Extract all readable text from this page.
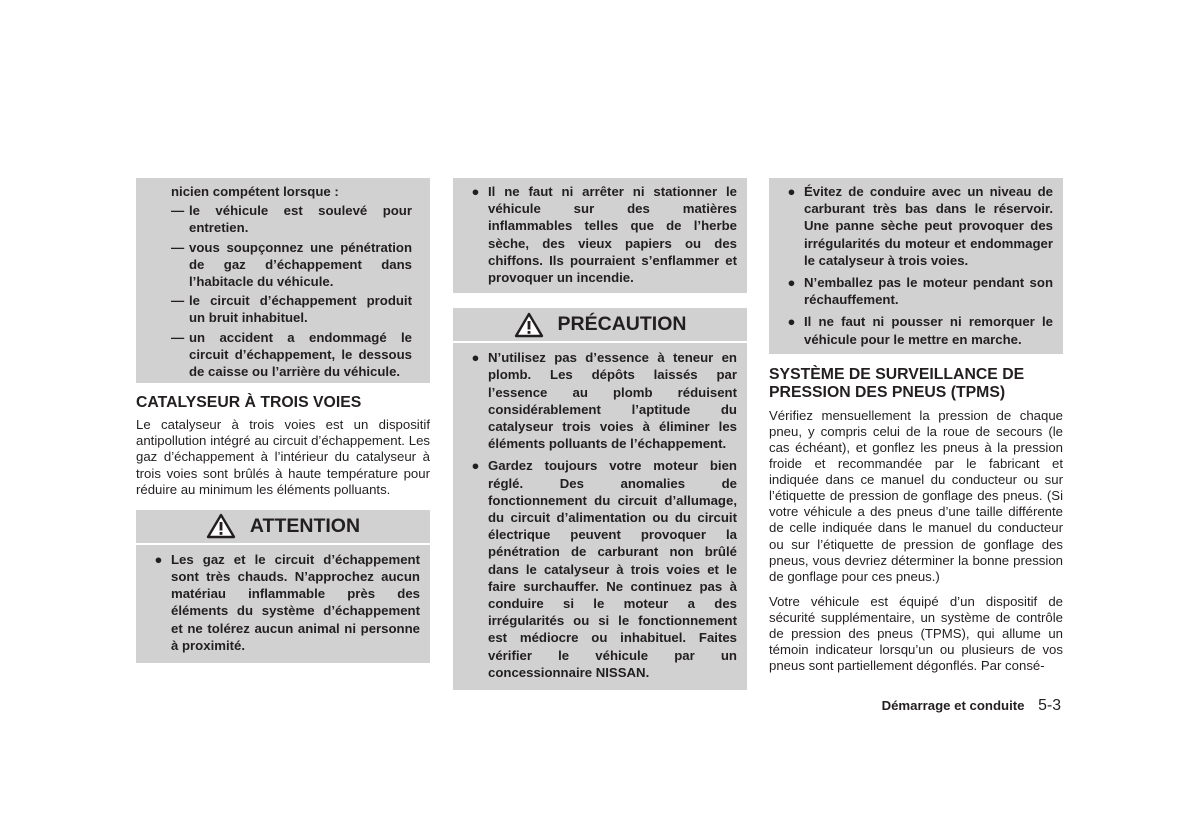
nicien compétent lorsque :

— le véhicule est soulevé pour entretien.

— vous soupçonnez une pénétration de gaz d’échappement dans l’habitacle du véhicule.

— le circuit d’échappement produit un bruit inhabituel.

— un accident a endommagé le circuit d’échappement, le dessous de caisse ou l’arrière du véhicule.

CATALYSEUR À TROIS VOIES

Le catalyseur à trois voies est un dispositif antipollution intégré au circuit d’échappement. Les gaz d’échappement à l’intérieur du catalyseur à trois voies sont brûlés à haute température pour réduire au minimum les éléments polluants.

ATTENTION
● Les gaz et le circuit d’échappement sont très chauds. N’approchez aucun matériau inflammable près des éléments du système d’échappement et ne tolérez aucun animal ni personne à proximité.

● Il ne faut ni arrêter ni stationner le véhicule sur des matières inflammables telles que de l’herbe sèche, des vieux papiers ou des chiffons. Ils pourraient s’enflammer et provoquer un incendie.

PRÉCAUTION
● N’utilisez pas d’essence à teneur en plomb. Les dépôts laissés par l’essence au plomb réduisent considérablement l’aptitude du catalyseur trois voies à éliminer les éléments polluants de l’échappement.

● Gardez toujours votre moteur bien réglé. Des anomalies de fonctionnement du circuit d’allumage, du circuit d’alimentation ou du circuit électrique peuvent provoquer la pénétration de carburant non brûlé dans le catalyseur à trois voies et le faire surchauffer. Ne continuez pas à conduire si le moteur a des irrégularités ou si le fonctionnement est médiocre ou inhabituel. Faites vérifier le véhicule par un concessionnaire NISSAN.

● Évitez de conduire avec un niveau de carburant très bas dans le réservoir. Une panne sèche peut provoquer des irrégularités du moteur et endommager le catalyseur à trois voies.

● N’emballez pas le moteur pendant son réchauffement.

● Il ne faut ni pousser ni remorquer le véhicule pour le mettre en marche.

SYSTÈME DE SURVEILLANCE DE
PRESSION DES PNEUS (TPMS)

Vérifiez mensuellement la pression de chaque pneu, y compris celui de la roue de secours (le cas échéant), et gonflez les pneus à la pression froide et recommandée par le fabricant et indiquée dans ce manuel du conducteur ou sur l’étiquette de pression de gonflage des pneus. (Si votre véhicule a des pneus d’une taille différente de celle indiquée dans le manuel du conducteur ou sur l’étiquette de pression de gonflage des pneus, vous devriez déterminer la bonne pression de gonflage pour ces pneus.)

Votre véhicule est équipé d’un dispositif de sécurité supplémentaire, un système de contrôle de pression des pneus (TPMS), qui allume un témoin indicateur lorsqu’un ou plusieurs de vos pneus sont partiellement dégonflés. Par consé-

Démarrage et conduite 5-3
